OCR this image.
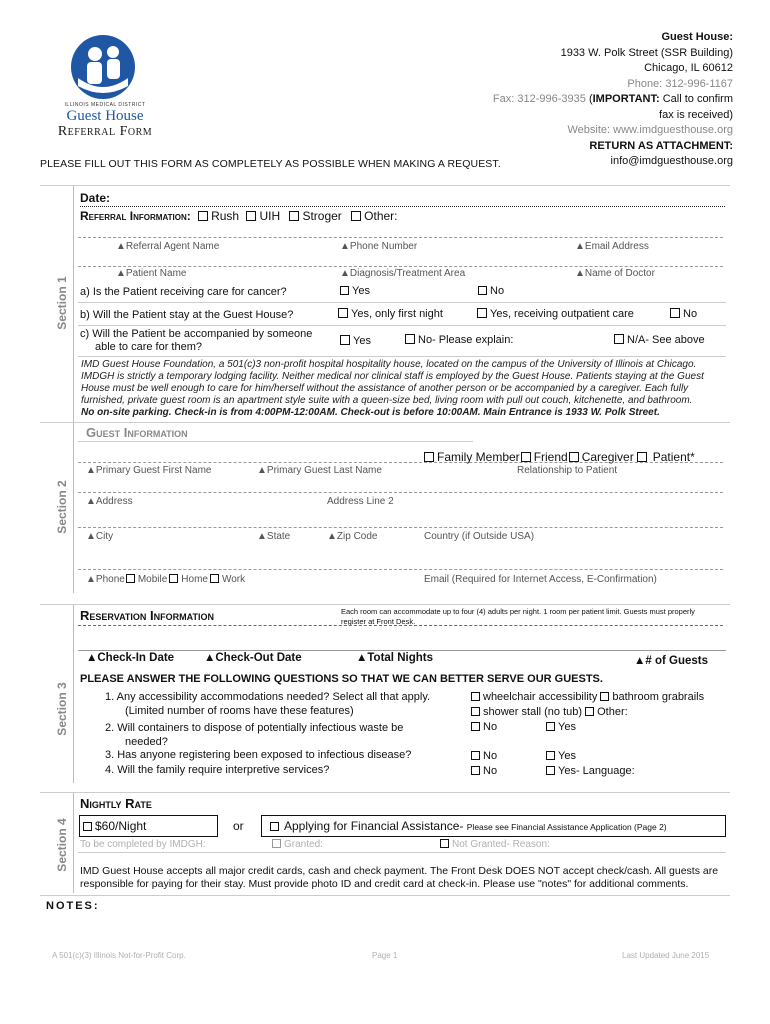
ILLINOIS MEDICAL DISTRICT
Guest House
Referral Form
Guest House:
1933 W. Polk Street (SSR Building)
Chicago, IL 60612
Phone: 312-996-1167
Fax: 312-996-3935 (IMPORTANT: Call to confirm
fax is received)
Website: www.imdguesthouse.org
RETURN AS ATTACHMENT:
info@imdguesthouse.org
PLEASE FILL OUT THIS FORM AS COMPLETELY AS POSSIBLE WHEN MAKING A REQUEST.
Section 1
Date:
Referral Information: Rush UIH Stroger Other:
▲Referral Agent Name	▲Phone Number	▲Email Address
▲Patient Name	▲Diagnosis/Treatment Area	▲Name of Doctor
a) Is the Patient receiving care for cancer?	Yes	No
b) Will the Patient stay at the Guest House?	Yes, only first night	Yes, receiving outpatient care	No
c) Will the Patient be accompanied by someone
able to care for them?	Yes	No- Please explain:	N/A- See above
IMD Guest House Foundation, a 501(c)3 non-profit hospital hospitality house, located on the campus of the University of Illinois at Chicago.
IMDGH is strictly a temporary lodging facility. Neither medical nor clinical staff is employed by the Guest House. Patients staying at the Guest
House must be well enough to care for him/herself without the assistance of another person or be accompanied by a caregiver. Each fully
furnished, private guest room is an apartment style suite with a queen-size bed, living room with pull out couch, kitchenette, and bathroom.
No on-site parking. Check-in is from 4:00PM-12:00AM. Check-out is before 10:00AM. Main Entrance is 1933 W. Polk Street.
Section 2
Guest Information
Family Member Friend Caregiver Patient*
Relationship to Patient
▲Primary Guest First Name	▲Primary Guest Last Name
▲Address	Address Line 2
▲City	▲State	▲Zip Code	Country (if Outside USA)
▲Phone Mobile Home Work	Email (Required for Internet Access, E-Confirmation)
Section 3
Reservation Information	Each room can accommodate up to four (4) adults per night. 1 room per patient limit. Guests must properly
register at Front Desk.
▲Check-In Date	▲Check-Out Date	▲Total Nights	▲# of Guests
PLEASE ANSWER THE FOLLOWING QUESTIONS SO THAT WE CAN BETTER SERVE OUR GUESTS.
1. Any accessibility accommodations needed? Select all that apply.
(Limited number of rooms have these features)
wheelchair accessibility bathroom grabrails
shower stall (no tub) Other:
2. Will containers to dispose of potentially infectious waste be
needed?
No	Yes
3. Has anyone registering been exposed to infectious disease?	No	Yes
4. Will the family require interpretive services?	No	Yes- Language:
Section 4
Nightly Rate
$60/Night	or	Applying for Financial Assistance- Please see Financial Assistance Application (Page 2)
To be completed by IMDGH:	Granted:	Not Granted- Reason:
IMD Guest House accepts all major credit cards, cash and check payment. The Front Desk DOES NOT accept check/cash. All guests are
responsible for paying for their stay. Must provide photo ID and credit card at check-in. Please use "notes" for additional comments.
NOTES:
A 501(c)(3) Illinois Not-for-Profit Corp.	Page 1	Last Updated June 2015
